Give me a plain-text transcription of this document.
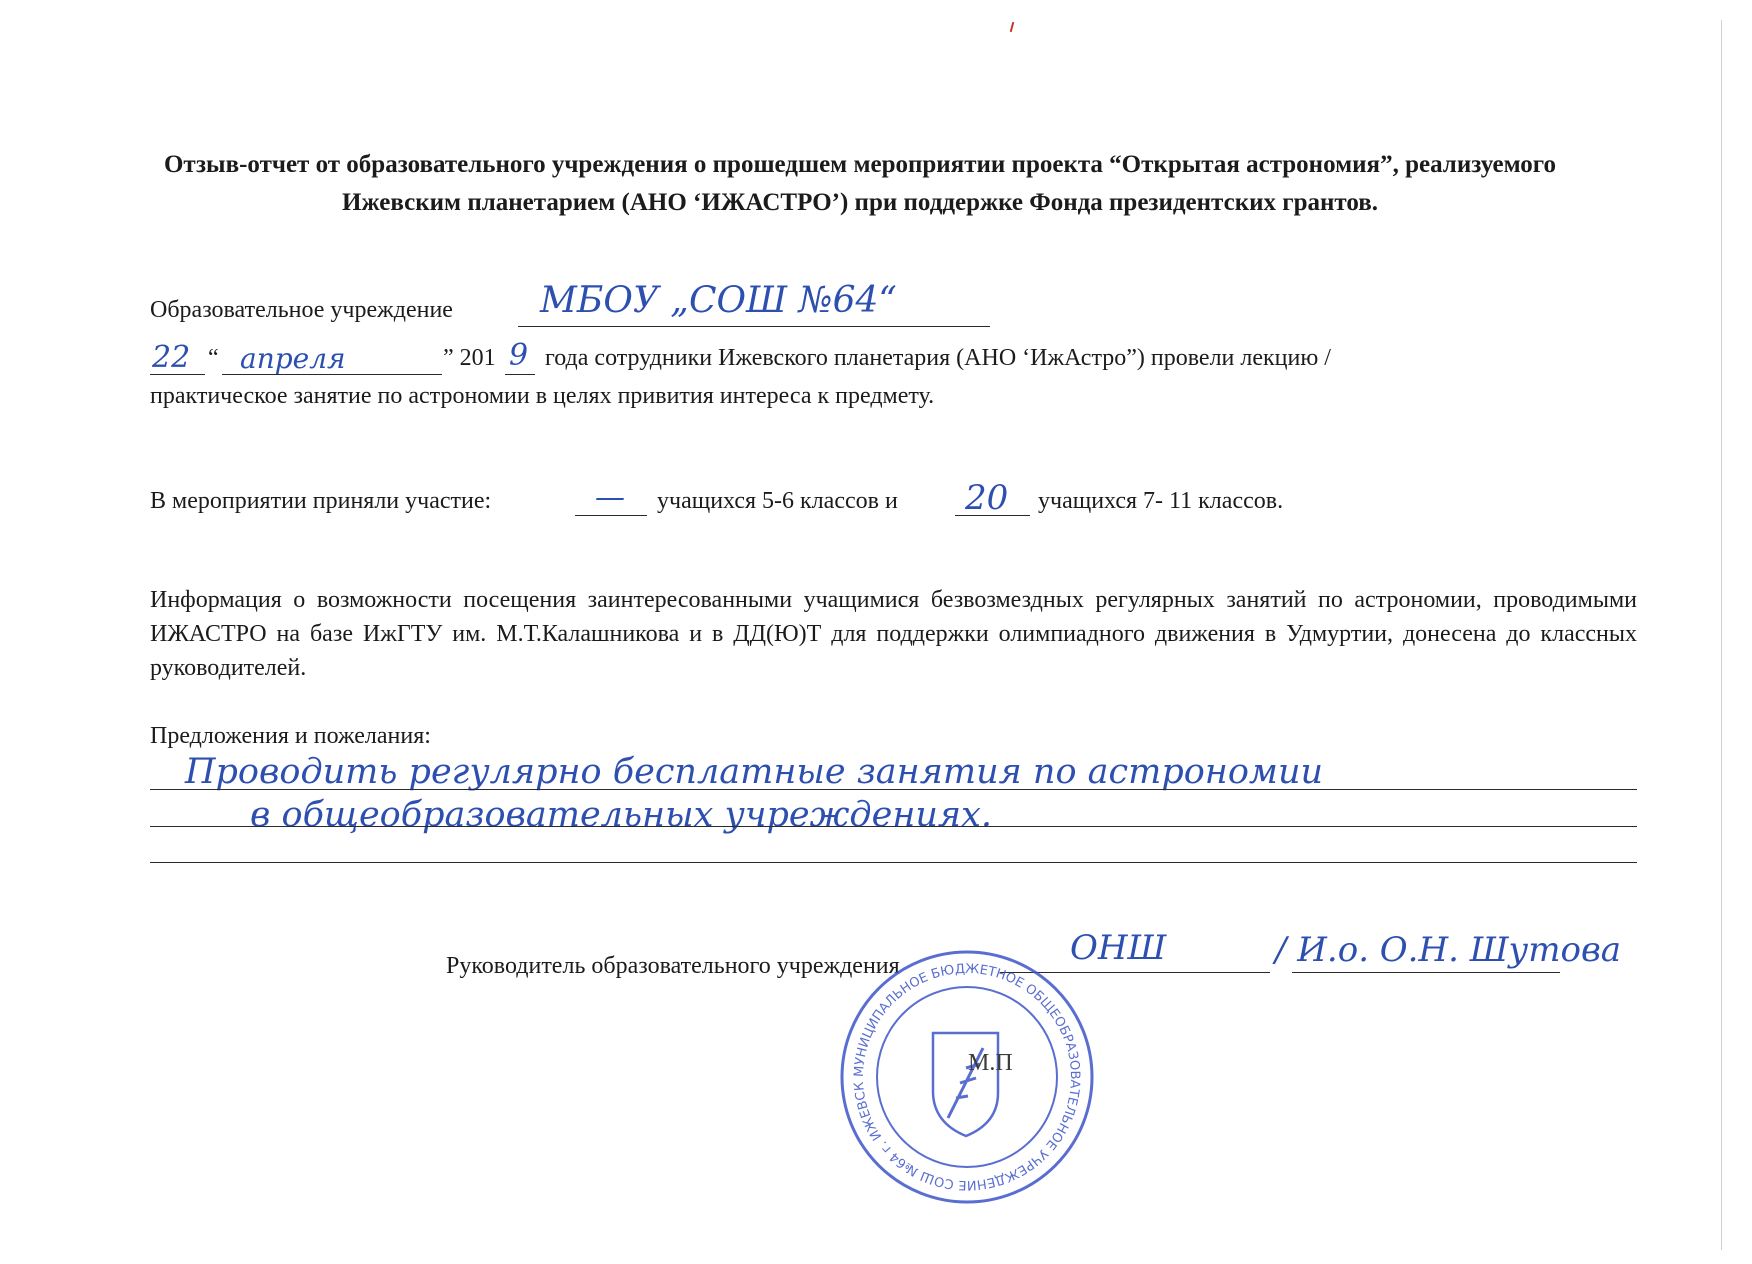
Отзыв-отчет от образовательного учреждения о прошедшем мероприятии проекта “Открытая астрономия”, реализуемого Ижевским планетарием (АНО ‘ИЖАСТРО’) при поддержке Фонда президентских грантов.
Образовательное учреждение МБОУ „СОШ №64“
22 “ апреля	” 201 9 года сотрудники Ижевского планетария (АНО ‘ИжАстро”) провели лекцию /
практическое занятие по астрономии в целях привития интереса к предмету.
В мероприятии приняли участие:	— учащихся 5-6 классов и 20 учащихся 7- 11 классов.
Информация о возможности посещения заинтересованными учащимися безвозмездных регулярных занятий по астрономии, проводимыми ИЖАСТРО на базе ИжГТУ им. М.Т.Калашникова и в ДД(Ю)Т для поддержки олимпиадного движения в Удмуртии, донесена до классных руководителей.
Предложения и пожелания:
Проводить регулярно бесплатные занятия по астрономии
в общеобразовательных учреждениях.
Руководитель образовательного учреждения	ОНШ	/ И.о. О.Н. Шутова
МУНИЦИПАЛЬНОЕ БЮДЖЕТНОЕ ОБЩЕОБРАЗОВАТЕЛЬНОЕ УЧРЕЖДЕНИЕ СОШ №64 г. ИЖЕВСК
М.П
